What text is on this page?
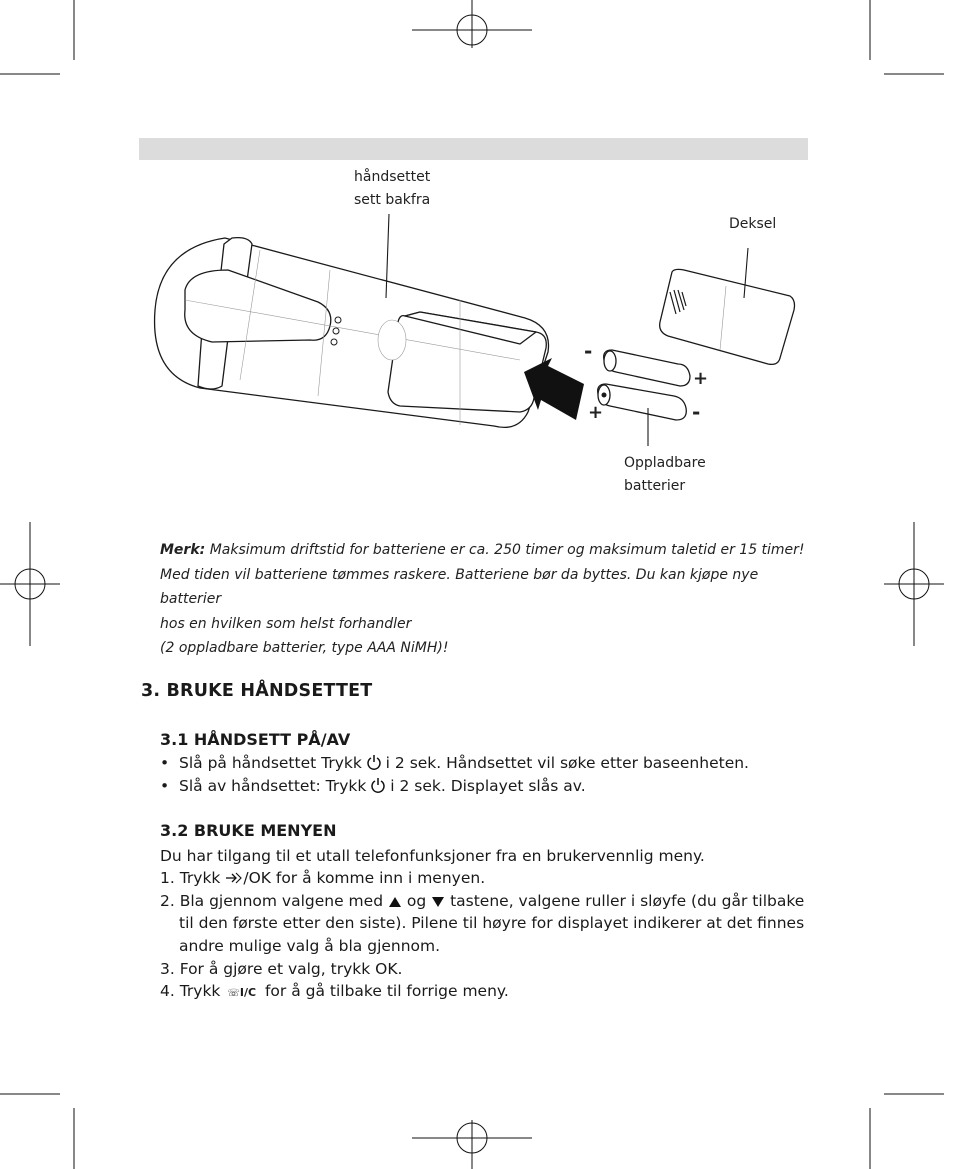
håndsettet
sett bakfra
Deksel
Oppladbare
batterier
-
+
+	-

Merk: Maksimum driftstid for batteriene er ca. 250 timer og maksimum taletid er 15 timer!

Med tiden vil batteriene tømmes raskere. Batteriene bør da byttes. Du kan kjøpe nye batterier

hos en hvilken som helst forhandler

(2 oppladbare batterier, type AAA NiMH)!

3. BRUKE HÅNDSETTET
3.1 HÅNDSETT PÅ/AV
• Slå på håndsettet Trykk  i 2 sek. Håndsettet vil søke etter baseenheten.
• Slå av håndsettet: Trykk  i 2 sek. Displayet slås av.
3.2 BRUKE MENYEN
Du har tilgang til et utall telefonfunksjoner fra en brukervennlig meny.
1. Trykk /OK for å komme inn i menyen.
2. Bla gjennom valgene med  og  tastene, valgene ruller i sløyfe (du går tilbake
til den første etter den siste). Pilene til høyre for displayet indikerer at det finnes
andre mulige valg å bla gjennom.
3. For å gjøre et valg, trykk OK.
4. Trykk ☏I/C for å gå tilbake til forrige meny.
